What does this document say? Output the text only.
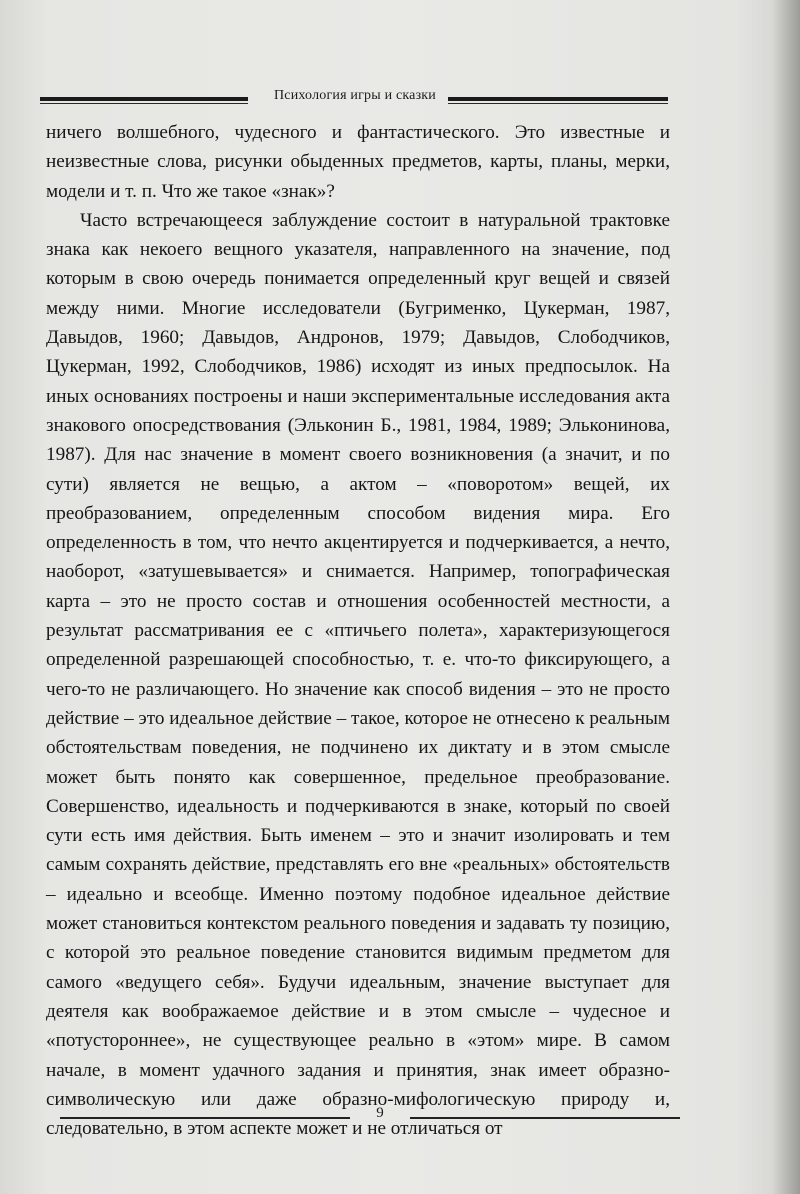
Психология игры и сказки

ничего волшебного, чудесного и фантастического. Это известные и неизвестные слова, рисунки обыденных предметов, карты, планы, мерки, модели и т. п. Что же такое «знак»?

Часто встречающееся заблуждение состоит в натуральной трактовке знака как некоего вещного указателя, направленного на значение, под которым в свою очередь понимается определенный круг вещей и связей между ними. Многие исследователи (Бугрименко, Цукерман, 1987, Давыдов, 1960; Давыдов, Андронов, 1979; Давыдов, Слободчиков, Цукерман, 1992, Слободчиков, 1986) исходят из иных предпосылок. На иных основаниях построены и наши экспериментальные исследования акта знакового опосредствования (Эльконин Б., 1981, 1984, 1989; Эльконинова, 1987). Для нас значение в момент своего возникновения (а значит, и по сути) является не вещью, а актом – «поворотом» вещей, их преобразованием, определенным способом видения мира. Его определенность в том, что нечто акцентируется и подчеркивается, а нечто, наоборот, «затушевывается» и снимается. Например, топографическая карта – это не просто состав и отношения особенностей местности, а результат рассматривания ее с «птичьего полета», характеризующегося определенной разрешающей способностью, т. е. что-то фиксирующего, а чего-то не различающего. Но значение как способ видения – это не просто действие – это идеальное действие – такое, которое не отнесено к реальным обстоятельствам поведения, не подчинено их диктату и в этом смысле может быть понято как совершенное, предельное преобразование. Совершенство, идеальность и подчеркиваются в знаке, который по своей сути есть имя действия. Быть именем – это и значит изолировать и тем самым сохранять действие, представлять его вне «реальных» обстоятельств – идеально и всеобще. Именно поэтому подобное идеальное действие может становиться контекстом реального поведения и задавать ту позицию, с которой это реальное поведение становится видимым предметом для самого «ведущего себя». Будучи идеальным, значение выступает для деятеля как воображаемое действие и в этом смысле – чудесное и «потустороннее», не существующее реально в «этом» мире. В самом начале, в момент удачного задания и принятия, знак имеет образно-символическую или даже образно-мифологическую природу и, следовательно, в этом аспекте может и не отличаться от

9
